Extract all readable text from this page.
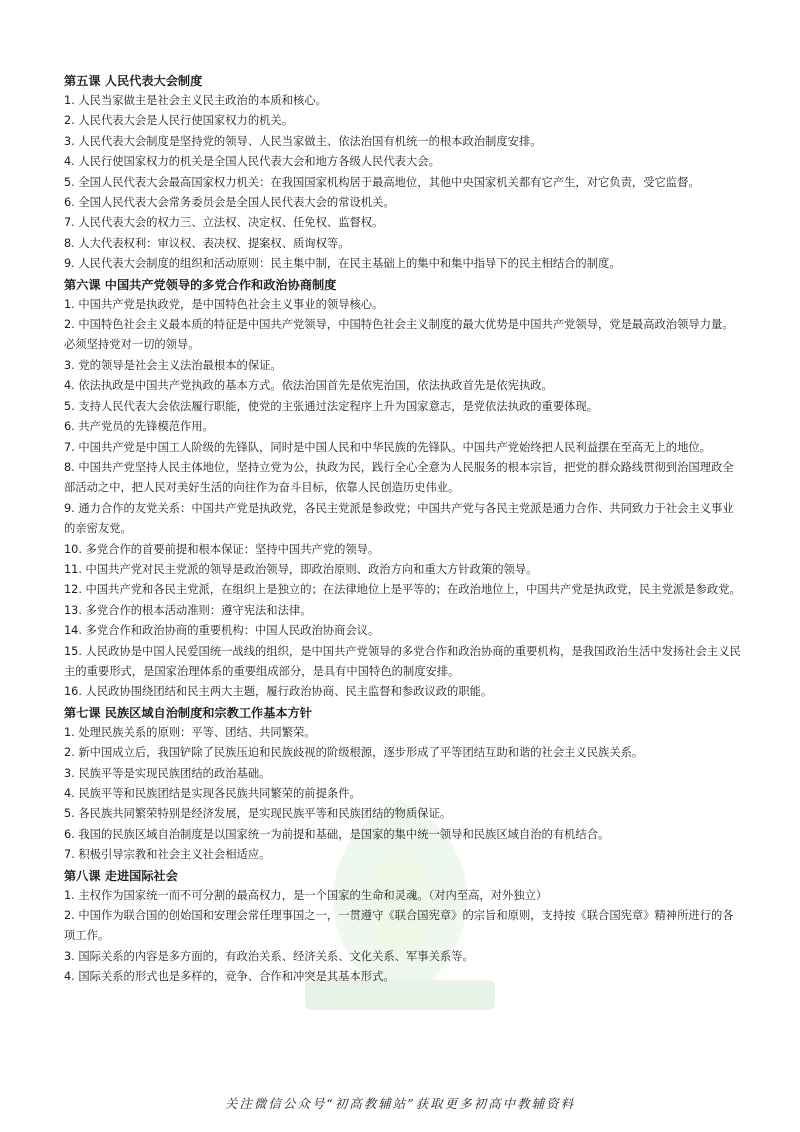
第五课 人民代表大会制度

1. 人民当家做主是社会主义民主政治的本质和核心。

2. 人民代表大会是人民行使国家权力的机关。

3. 人民代表大会制度是坚持党的领导、人民当家做主、依法治国有机统一的根本政治制度安排。

4. 人民行使国家权力的机关是全国人民代表大会和地方各级人民代表大会。

5. 全国人民代表大会最高国家权力机关：在我国国家机构居于最高地位，其他中央国家机关都有它产生，对它负责，受它监督。

6. 全国人民代表大会常务委员会是全国人民代表大会的常设机关。

7. 人民代表大会的权力三、立法权、决定权、任免权、监督权。

8. 人大代表权利：审议权、表决权、提案权、质询权等。

9. 人民代表大会制度的组织和活动原则：民主集中制，在民主基础上的集中和集中指导下的民主相结合的制度。

第六课 中国共产党领导的多党合作和政治协商制度

1. 中国共产党是执政党，是中国特色社会主义事业的领导核心。

2. 中国特色社会主义最本质的特征是中国共产党领导，中国特色社会主义制度的最大优势是中国共产党领导，党是最高政治领导力量。必须坚持党对一切的领导。

3. 党的领导是社会主义法治最根本的保证。

4. 依法执政是中国共产党执政的基本方式。依法治国首先是依宪治国，依法执政首先是依宪执政。

5. 支持人民代表大会依法履行职能，使党的主张通过法定程序上升为国家意志，是党依法执政的重要体现。

6. 共产党员的先锋模范作用。

7. 中国共产党是中国工人阶级的先锋队，同时是中国人民和中华民族的先锋队。中国共产党始终把人民利益摆在至高无上的地位。

8. 中国共产党坚持人民主体地位，坚持立党为公，执政为民，践行全心全意为人民服务的根本宗旨，把党的群众路线贯彻到治国理政全部活动之中，把人民对美好生活的向往作为奋斗目标，依靠人民创造历史伟业。

9. 通力合作的友党关系：中国共产党是执政党，各民主党派是参政党；中国共产党与各民主党派是通力合作、共同致力于社会主义事业的亲密友党。

10. 多党合作的首要前提和根本保证：坚持中国共产党的领导。

11. 中国共产党对民主党派的领导是政治领导，即政治原则、政治方向和重大方针政策的领导。

12. 中国共产党和各民主党派，在组织上是独立的；在法律地位上是平等的；在政治地位上，中国共产党是执政党，民主党派是参政党。

13. 多党合作的根本活动准则：遵守宪法和法律。

14. 多党合作和政治协商的重要机构：中国人民政治协商会议。

15. 人民政协是中国人民爱国统一战线的组织，是中国共产党领导的多党合作和政治协商的重要机构，是我国政治生活中发扬社会主义民主的重要形式，是国家治理体系的重要组成部分，是具有中国特色的制度安排。

16. 人民政协围绕团结和民主两大主题，履行政治协商、民主监督和参政议政的职能。

第七课 民族区域自治制度和宗教工作基本方针

1. 处理民族关系的原则：平等、团结、共同繁荣。

2. 新中国成立后，我国铲除了民族压迫和民族歧视的阶级根源，逐步形成了平等团结互助和谐的社会主义民族关系。

3. 民族平等是实现民族团结的政治基础。

4. 民族平等和民族团结是实现各民族共同繁荣的前提条件。

5. 各民族共同繁荣特别是经济发展，是实现民族平等和民族团结的物质保证。

6. 我国的民族区域自治制度是以国家统一为前提和基础，是国家的集中统一领导和民族区域自治的有机结合。

7. 积极引导宗教和社会主义社会相适应。

第八课 走进国际社会

1. 主权作为国家统一而不可分割的最高权力，是一个国家的生命和灵魂。（对内至高，对外独立）

2. 中国作为联合国的创始国和安理会常任理事国之一，一贯遵守《联合国宪章》的宗旨和原则，支持按《联合国宪章》精神所进行的各项工作。

3. 国际关系的内容是多方面的，有政治关系、经济关系、文化关系、军事关系等。

4. 国际关系的形式也是多样的，竞争、合作和冲突是其基本形式。

关注微信公众号“初高教辅站”获取更多初高中教辅资料
